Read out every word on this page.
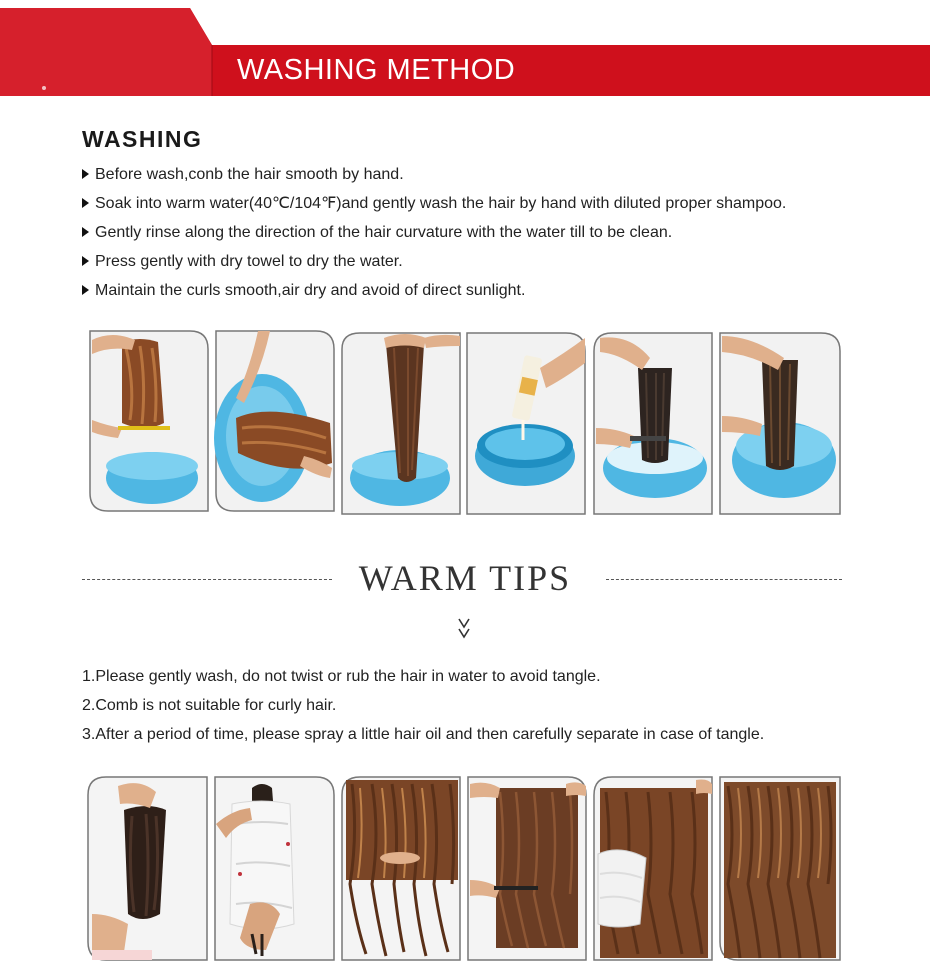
WASHING METHOD
WASHING
Before wash,conb the hair smooth by hand.
Soak into warm water(40℃/104℉)and gently wash the hair by hand with diluted proper shampoo.
Gently rinse along the direction of the hair curvature with the water till to be clean.
Press gently with dry towel to dry the water.
Maintain the curls smooth,air dry and avoid of direct sunlight.
WARM TIPS
1.Please gently wash, do not twist or rub the hair in water to avoid tangle.
2.Comb is not suitable for curly hair.
3.After a period of time, please spray a little hair oil and then carefully separate in case of tangle.
